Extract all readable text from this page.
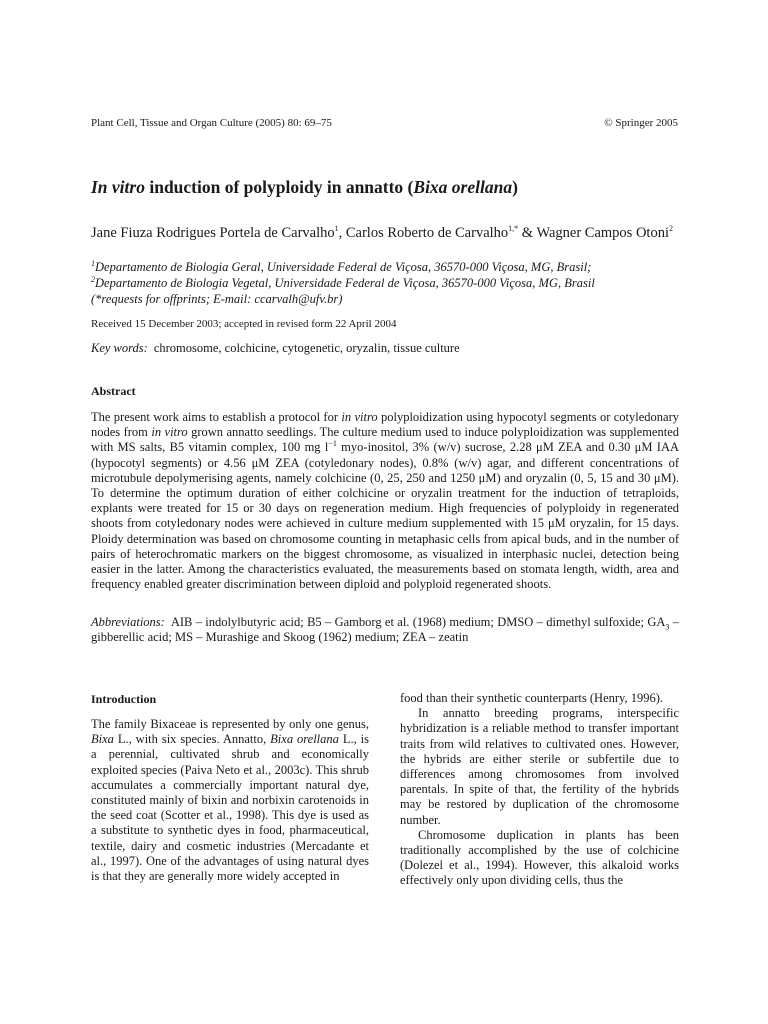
Plant Cell, Tissue and Organ Culture (2005) 80: 69–75	© Springer 2005
In vitro induction of polyploidy in annatto (Bixa orellana)
Jane Fiuza Rodrigues Portela de Carvalho$^1$, Carlos Roberto de Carvalho$^{1,*}$ & Wagner Campos Otoni$^2$
$^1$Departamento de Biologia Geral, Universidade Federal de Viçosa, 36570-000 Viçosa, MG, Brasil;
$^2$Departamento de Biologia Vegetal, Universidade Federal de Viçosa, 36570-000 Viçosa, MG, Brasil
(*requests for offprints; E-mail: ccarvalh@ufv.br)
Received 15 December 2003; accepted in revised form 22 April 2004
Key words: chromosome, colchicine, cytogenetic, oryzalin, tissue culture
Abstract
The present work aims to establish a protocol for in vitro polyploidization using hypocotyl segments or cotyledonary nodes from in vitro grown annatto seedlings. The culture medium used to induce polyploidization was supplemented with MS salts, B5 vitamin complex, 100 mg $l^{-1}$ myo-inositol, 3% (w/v) sucrose, 2.28 μM ZEA and 0.30 μM IAA (hypocotyl segments) or 4.56 μM ZEA (cotyledonary nodes), 0.8% (w/v) agar, and different concentrations of microtubule depolymerising agents, namely colchicine (0, 25, 250 and 1250 μM) and oryzalin (0, 5, 15 and 30 μM). To determine the optimum duration of either colchicine or oryzalin treatment for the induction of tetraploids, explants were treated for 15 or 30 days on regeneration medium. High frequencies of polyploidy in regenerated shoots from cotyledonary nodes were achieved in culture medium supplemented with 15 μM oryzalin, for 15 days. Ploidy determination was based on chromosome counting in metaphasic cells from apical buds, and in the number of pairs of heterochromatic markers on the biggest chromosome, as visualized in interphasic nuclei, detection being easier in the latter. Among the characteristics evaluated, the measurements based on stomata length, width, area and frequency enabled greater discrimination between diploid and polyploid regenerated shoots.
Abbreviations: AIB – indolylbutyric acid; B5 – Gamborg et al. (1968) medium; DMSO – dimethyl sulfoxide; $GA_3$ – gibberellic acid; MS – Murashige and Skoog (1962) medium; ZEA – zeatin
Introduction

The family Bixaceae is represented by only one genus, Bixa L., with six species. Annatto, Bixa orellana L., is a perennial, cultivated shrub and economically exploited species (Paiva Neto et al., 2003c). This shrub accumulates a commercially important natural dye, constituted mainly of bixin and norbixin carotenoids in the seed coat (Scotter et al., 1998). This dye is used as a substitute to synthetic dyes in food, pharmaceutical, textile, dairy and cosmetic industries (Mercadante et al., 1997). One of the advantages of using natural dyes is that they are generally more widely accepted in

food than their synthetic counterparts (Henry, 1996).

In annatto breeding programs, interspecific hybridization is a reliable method to transfer important traits from wild relatives to cultivated ones. However, the hybrids are either sterile or subfertile due to differences among chromosomes from involved parentals. In spite of that, the fertility of the hybrids may be restored by duplication of the chromosome number.

Chromosome duplication in plants has been traditionally accomplished by the use of colchicine (Dolezel et al., 1994). However, this alkaloid works effectively only upon dividing cells, thus the
